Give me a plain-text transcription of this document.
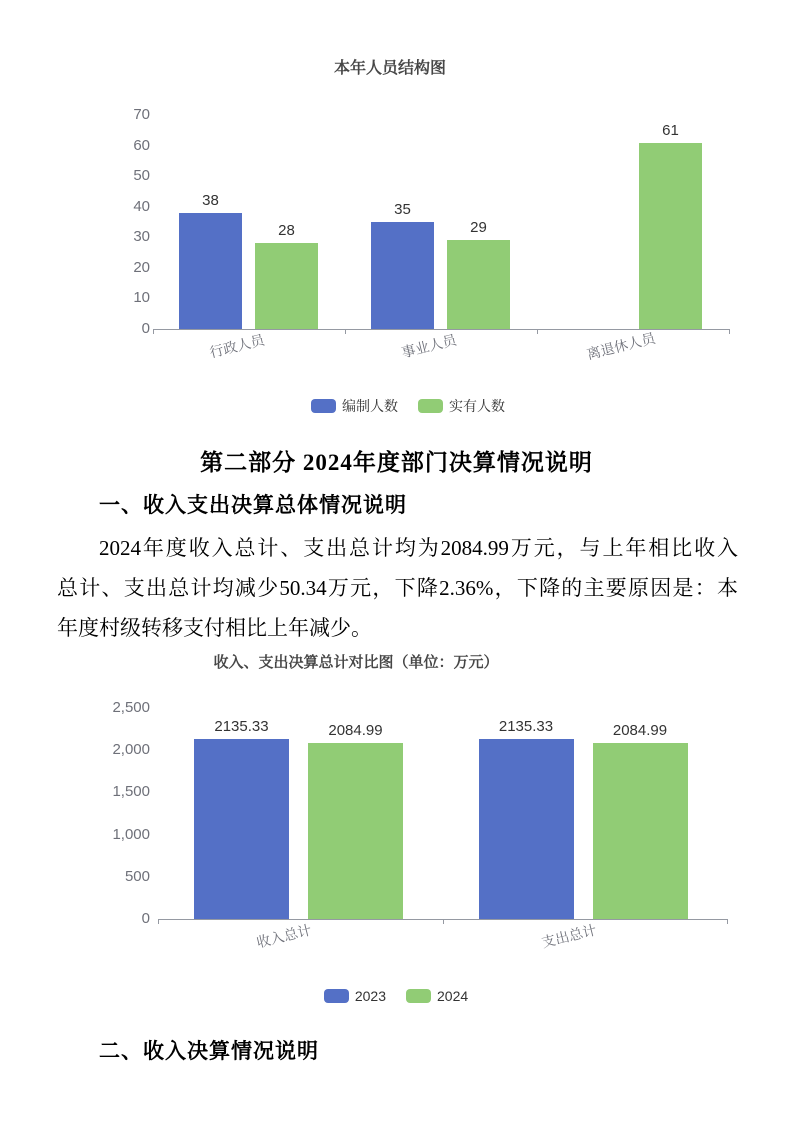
本年人员结构图
0
10
20
30
40
50
60
70
38
35
28	29
61
行政人员	事业人员	离退休人员
编制人数	实有人数
收入、支出决算总计对比图（单位：万元）
0
500
1,000
1,500
2,000
2,500
2135.33	2135.33
2084.99	2084.99
收入总计	支出总计
2023	2024
第二部分 2024年度部门决算情况说明
一、收入支出决算总体情况说明
2024年度收入总计、支出总计均为2084.99万元，与上年相比收入
总计、支出总计均减少50.34万元，下降2.36%，下降的主要原因是：本
年度村级转移支付相比上年减少。
二、收入决算情况说明
